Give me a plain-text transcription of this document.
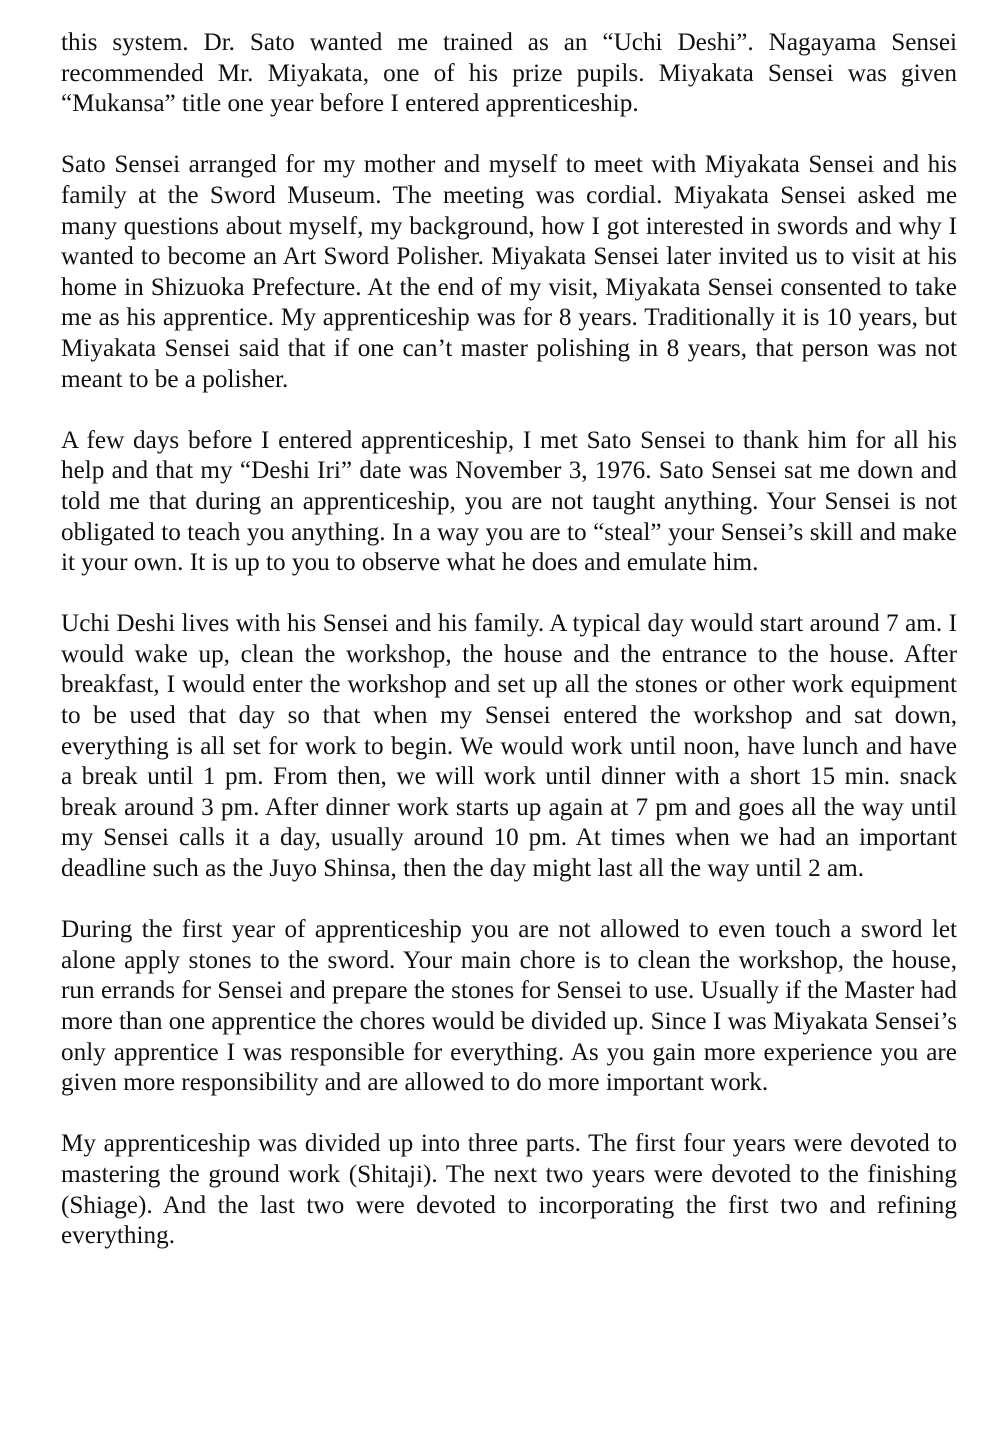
this system. Dr. Sato wanted me trained as an “Uchi Deshi”. Nagayama Sensei recommended Mr. Miyakata, one of his prize pupils. Miyakata Sensei was given “Mukansa” title one year before I entered apprenticeship.

Sato Sensei arranged for my mother and myself to meet with Miyakata Sensei and his family at the Sword Museum. The meeting was cordial. Miyakata Sensei asked me many questions about myself, my background, how I got interested in swords and why I wanted to become an Art Sword Polisher. Miyakata Sensei later invited us to visit at his home in Shizuoka Prefecture. At the end of my visit, Miyakata Sensei consented to take me as his apprentice. My apprenticeship was for 8 years. Traditionally it is 10 years, but Miyakata Sensei said that if one can’t master polishing in 8 years, that person was not meant to be a polisher.

A few days before I entered apprenticeship, I met Sato Sensei to thank him for all his help and that my “Deshi Iri” date was November 3, 1976. Sato Sensei sat me down and told me that during an apprenticeship, you are not taught anything. Your Sensei is not obligated to teach you anything. In a way you are to “steal” your Sensei’s skill and make it your own. It is up to you to observe what he does and emulate him.

Uchi Deshi lives with his Sensei and his family. A typical day would start around 7 am. I would wake up, clean the workshop, the house and the entrance to the house. After breakfast, I would enter the workshop and set up all the stones or other work equipment to be used that day so that when my Sensei entered the workshop and sat down, everything is all set for work to begin. We would work until noon, have lunch and have a break until 1 pm. From then, we will work until dinner with a short 15 min. snack break around 3 pm. After dinner work starts up again at 7 pm and goes all the way until my Sensei calls it a day, usually around 10 pm. At times when we had an important deadline such as the Juyo Shinsa, then the day might last all the way until 2 am.

During the first year of apprenticeship you are not allowed to even touch a sword let alone apply stones to the sword. Your main chore is to clean the workshop, the house, run errands for Sensei and prepare the stones for Sensei to use. Usually if the Master had more than one apprentice the chores would be divided up. Since I was Miyakata Sensei’s only apprentice I was responsible for everything. As you gain more experience you are given more responsibility and are allowed to do more important work.

My apprenticeship was divided up into three parts. The first four years were devoted to mastering the ground work (Shitaji). The next two years were devoted to the finishing (Shiage). And the last two were devoted to incorporating the first two and refining everything.
